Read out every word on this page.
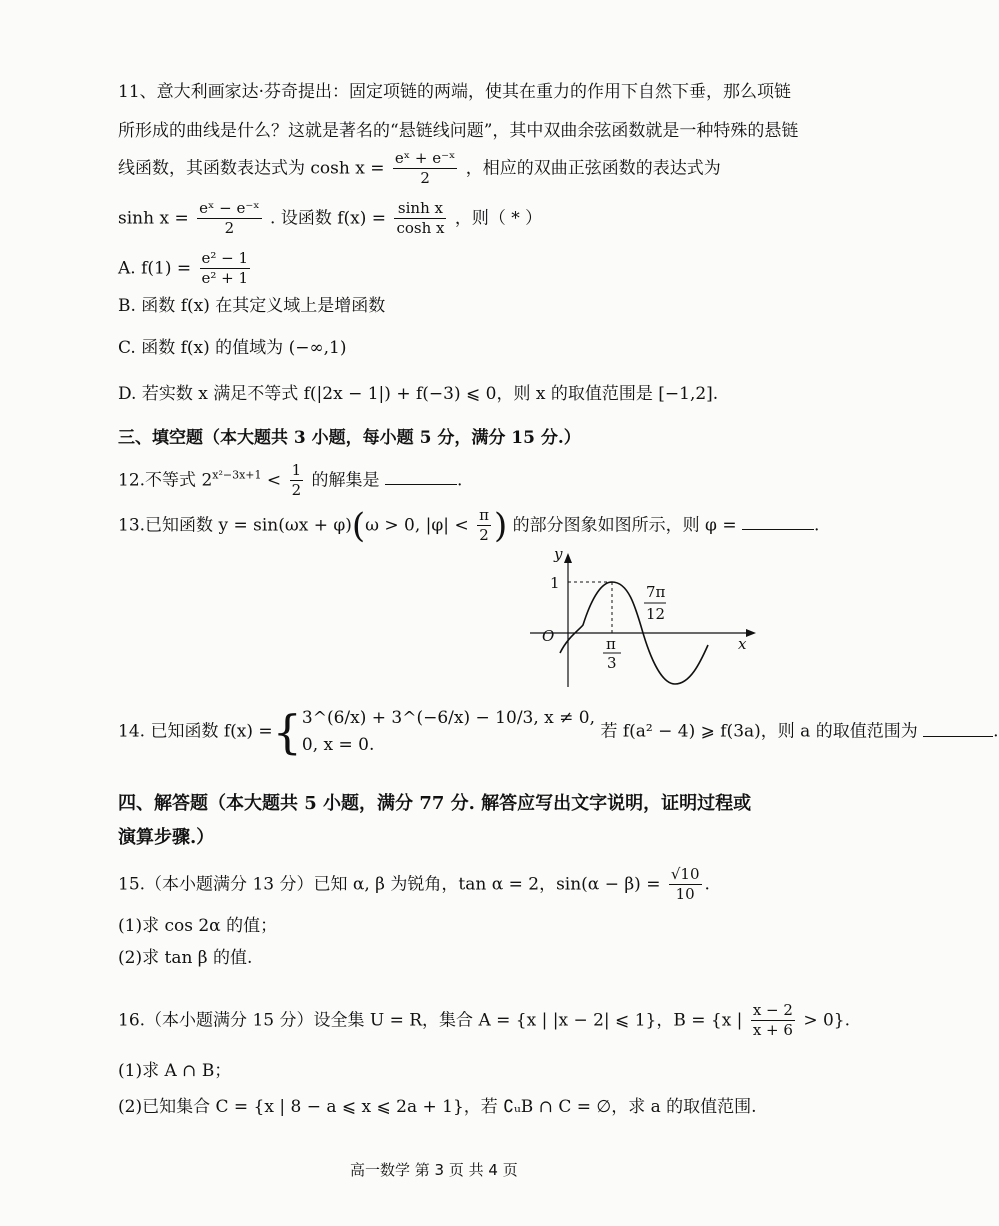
11、意大利画家达·芬奇提出：固定项链的两端，使其在重力的作用下自然下垂，那么项链
所形成的曲线是什么？这就是著名的“悬链线问题”，其中双曲余弦函数就是一种特殊的悬链
线函数，其函数表达式为 $\cosh x = \frac{\text{eˣ + e⁻ˣ}}{2}$ ，相应的双曲正弦函数的表达式为
$\sinh x = \frac{\text{eˣ − e⁻ˣ}}{2}$ . 设函数 $f(x) = \frac{\text{sinh x}}{\text{cosh x}}$ ，则（ * ）
A. $f(1) = \frac{\text{e² − 1}}{\text{e² + 1}}$
B. 函数 f(x) 在其定义域上是增函数
C. 函数 f(x) 的值域为 (−∞,1)
D. 若实数 x 满足不等式 f(|2x − 1|) + f(−3) ⩽ 0，则 x 的取值范围是 [−1,2].
三、填空题（本大题共 3 小题，每小题 5 分，满分 15 分.）
12.不等式 $2^{x^2-3x+1} < \frac{1}{2}$ 的解集是	.
13.已知函数 y = sin(ωx + φ)(ω > 0, $|\varphi| < \frac{\pi}{2}$ ) 的部分图象如图所示，则 φ =	.
y
x
O
1
π
3
7π
12
14. 已知函数 f(x) ={ 3^(6/x) + 3^(−6/x) − 10/3, x ≠ 0,
0, x = 0.
若 f(a² − 4) ⩾ f(3a)，则 a 的取值范围为	.
四、解答题（本大题共 5 小题，满分 77 分. 解答应写出文字说明，证明过程或
演算步骤.）
15.（本小题满分 13 分）已知 α, β 为锐角，tan α = 2，$\sin(\alpha - \beta) = \frac{√10}{10}$ .
(1)求 cos 2α 的值；
(2)求 tan β 的值.
16.（本小题满分 15 分）设全集 U = R，集合 A = {x | |x − 2| ⩽ 1}，B = {x | $\frac{x - 2}{x + 6} > 0$}.
(1)求 A ∩ B；
(2)已知集合 C = {x | 8 − a ⩽ x ⩽ 2a + 1}，若 ∁ᵤB ∩ C = ∅，求 a 的取值范围.
高一数学 第 3 页 共 4 页
